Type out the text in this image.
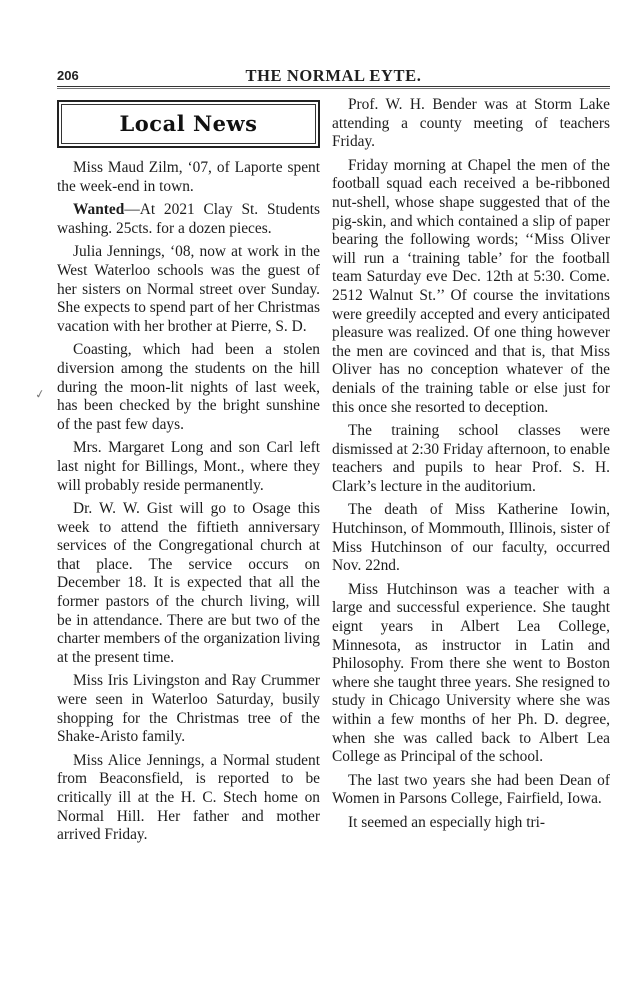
206	THE NORMAL EYTE.
✓
Local News

Miss Maud Zilm, ‘07, of Laporte spent the week-end in town.

Wanted—At 2021 Clay St. Students washing. 25cts. for a dozen pieces.

Julia Jennings, ‘08, now at work in the West Waterloo schools was the guest of her sisters on Normal street over Sunday. She expects to spend part of her Christmas vacation with her brother at Pierre, S. D.

Coasting, which had been a stolen diversion among the students on the hill during the moon-lit nights of last week, has been checked by the bright sunshine of the past few days.

Mrs. Margaret Long and son Carl left last night for Billings, Mont., where they will probably reside permanently.

Dr. W. W. Gist will go to Osage this week to attend the fiftieth anniversary services of the Congregational church at that place. The service occurs on December 18. It is expected that all the former pastors of the church living, will be in attendance. There are but two of the charter members of the organization living at the present time.

Miss Iris Livingston and Ray Crummer were seen in Waterloo Saturday, busily shopping for the Christmas tree of the Shake-Aristo family.

Miss Alice Jennings, a Normal student from Beaconsfield, is reported to be critically ill at the H. C. Stech home on Normal Hill. Her father and mother arrived Friday.

Prof. W. H. Bender was at Storm Lake attending a county meeting of teachers Friday.

Friday morning at Chapel the men of the football squad each received a be-ribboned nut-shell, whose shape suggested that of the pig-skin, and which contained a slip of paper bearing the following words; ‘‘Miss Oliver will run a ‘training table’ for the football team Saturday eve Dec. 12th at 5:30. Come. 2512 Walnut St.’’ Of course the invitations were greedily accepted and every anticipated pleasure was realized. Of one thing however the men are covinced and that is, that Miss Oliver has no conception whatever of the denials of the training table or else just for this once she resorted to deception.

The training school classes were dismissed at 2:30 Friday afternoon, to enable teachers and pupils to hear Prof. S. H. Clark’s lecture in the auditorium.

The death of Miss Katherine Iowin, Hutchinson, of Mommouth, Illinois, sister of Miss Hutchinson of our faculty, occurred Nov. 22nd.

Miss Hutchinson was a teacher with a large and successful experience. She taught eignt years in Albert Lea College, Minnesota, as instructor in Latin and Philosophy. From there she went to Boston where she taught three years. She resigned to study in Chicago University where she was within a few months of her Ph. D. degree, when she was called back to Albert Lea College as Principal of the school.

The last two years she had been Dean of Women in Parsons College, Fairfield, Iowa.

It seemed an especially high tri-
